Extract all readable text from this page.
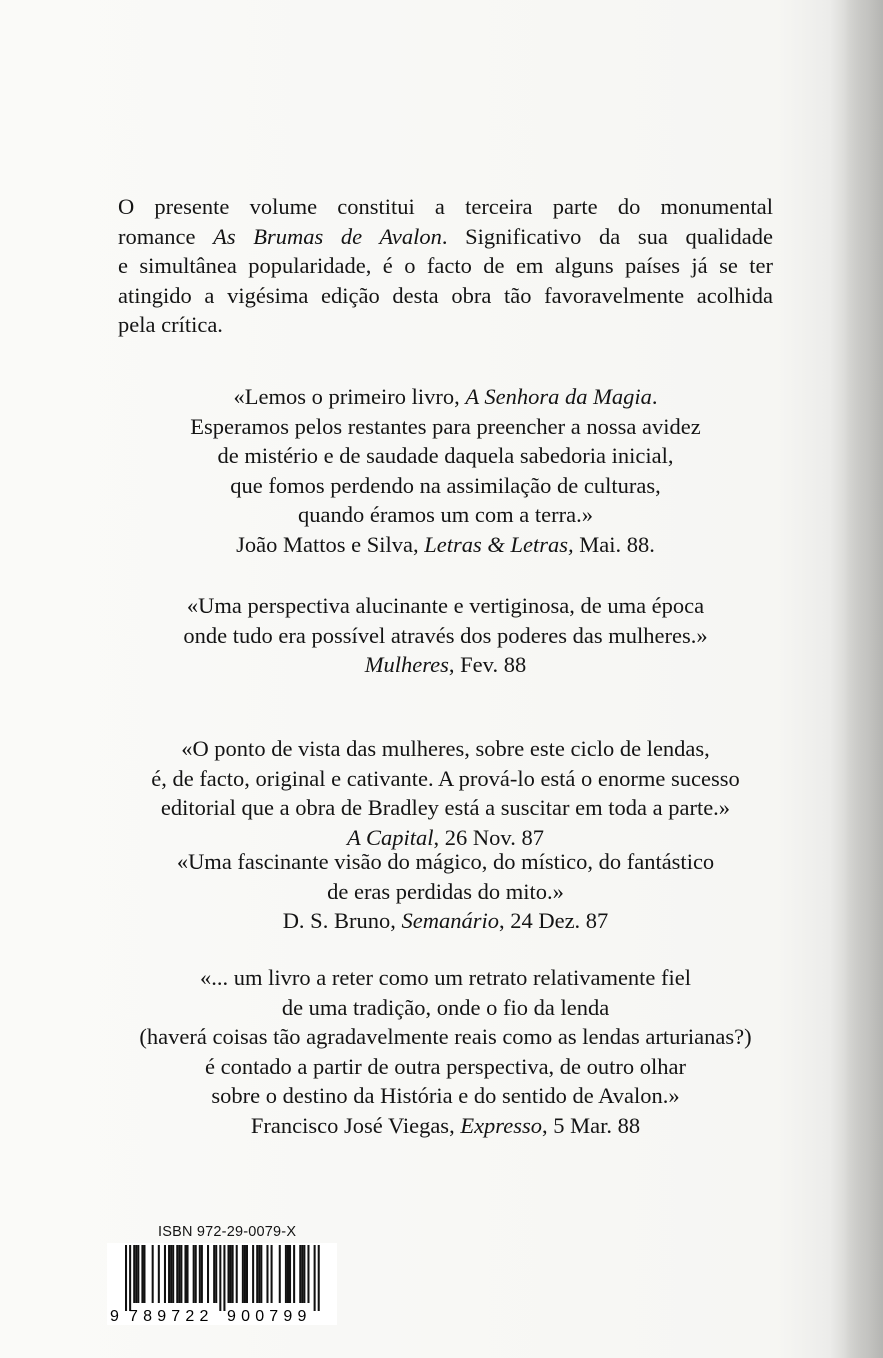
O presente volume constitui a terceira parte do monumental
romance As Brumas de Avalon. Significativo da sua qualidade
e simultânea popularidade, é o facto de em alguns países já se ter
atingido a vigésima edição desta obra tão favoravelmente acolhida
pela crítica.
«Lemos o primeiro livro, A Senhora da Magia.
Esperamos pelos restantes para preencher a nossa avidez
de mistério e de saudade daquela sabedoria inicial,
que fomos perdendo na assimilação de culturas,
quando éramos um com a terra.»
João Mattos e Silva, Letras & Letras, Mai. 88.
«Uma perspectiva alucinante e vertiginosa, de uma época
onde tudo era possível através dos poderes das mulheres.»
Mulheres, Fev. 88
«O ponto de vista das mulheres, sobre este ciclo de lendas,
é, de facto, original e cativante. A prová-lo está o enorme sucesso
editorial que a obra de Bradley está a suscitar em toda a parte.»
A Capital, 26 Nov. 87
«Uma fascinante visão do mágico, do místico, do fantástico
de eras perdidas do mito.»
D. S. Bruno, Semanário, 24 Dez. 87
«... um livro a reter como um retrato relativamente fiel
de uma tradição, onde o fio da lenda
(haverá coisas tão agradavelmente reais como as lendas arturianas?)
é contado a partir de outra perspectiva, de outro olhar
sobre o destino da História e do sentido de Avalon.»
Francisco José Viegas, Expresso, 5 Mar. 88
ISBN 972-29-0079-X
9 789722 900799
